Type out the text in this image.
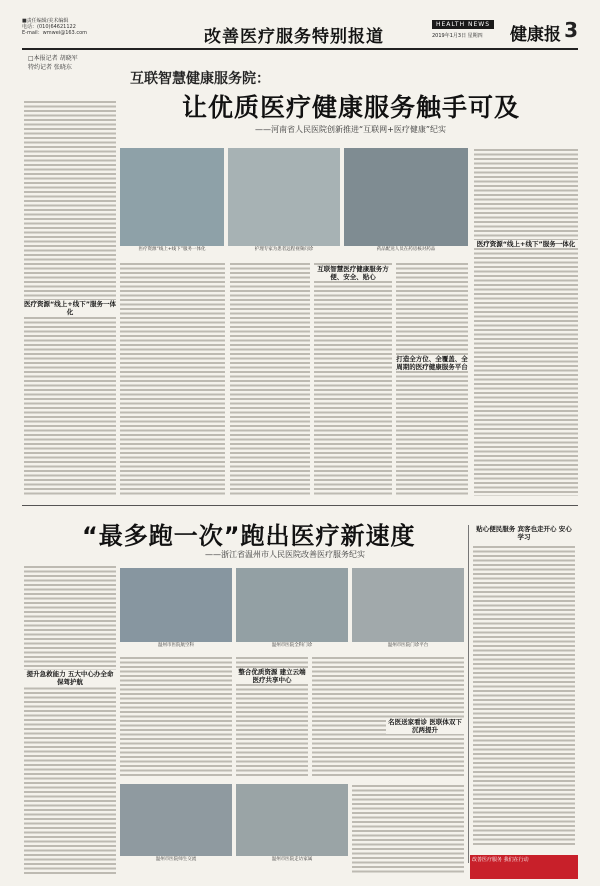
■责任编辑/美术编辑
电话：(010)64621122
E-mail：wmwei@163.com	改善医疗服务特别报道
HEALTH NEWS
2019年1月3日 星期四 健康报 3
□本报记者 胡晓军
特约记者 张晓东
互联智慧健康服务院：
让优质医疗健康服务触手可及
——河南省人民医院创新推进“互联网+医疗健康”纪实
医疗资源“线上+线下”服务一体化
医疗资源“线上+线下”服务一体化	护理专家为患者远程视频问诊	药品配送人员在药房核对药品
互联智慧医疗健康服务方便、安全、贴心
打造全方位、全覆盖、全周期的医疗健康服务平台
医疗资源“线上+线下”服务一体化
“最多跑一次”跑出医疗新速度
——浙江省温州市人民医院改善医疗服务纪实
提升急救能力 五大中心办全命保驾护航
温州市医院航空科	温州市医院全科门诊	温州市医院门诊平台
整合优质资源 建立云端医疗共享中心
名医送家看诊 医联体双下沉两提升
温州市医院师生交流	温州市医院走访家属
贴心便民服务 宾客也走开心 安心学习
改善医疗服务 我们在行动
